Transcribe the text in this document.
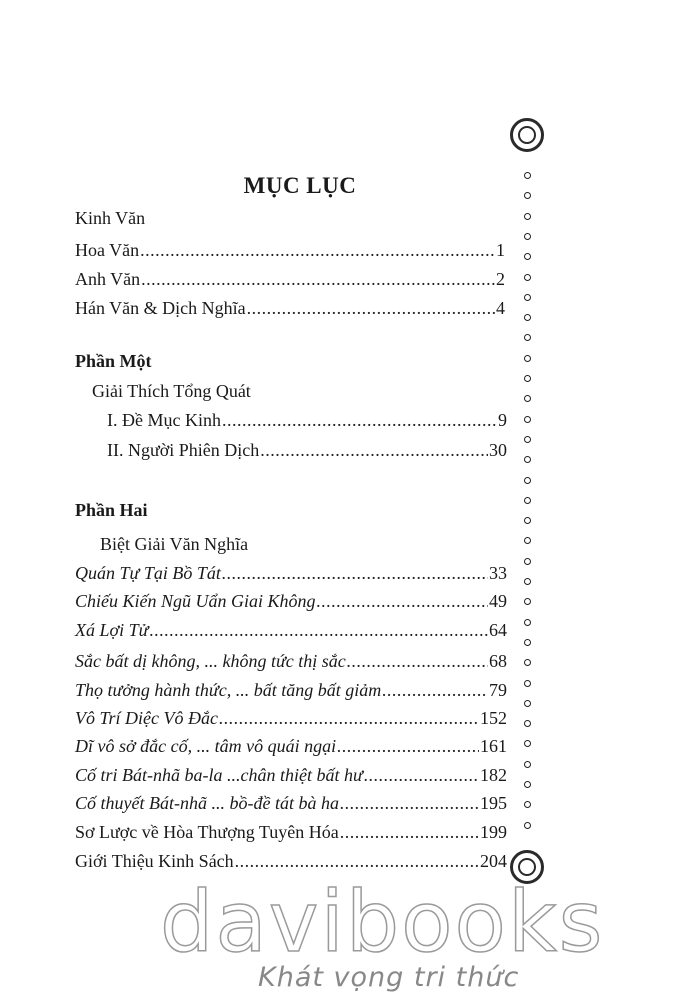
MỤC LỤC
Kinh Văn
Hoa Văn .....	1
Anh Văn .....	2
Hán Văn & Dịch Nghĩa .....	4
Phần Một
Giải Thích Tổng Quát
I. Đề Mục Kinh .....	9
II. Người Phiên Dịch .....	30
Phần Hai
Biệt Giải Văn Nghĩa
Quán Tự Tại Bồ Tát .....	33
Chiếu Kiến Ngũ Uẩn Giai Không .....	49
Xá Lợi Tử .....	64
Sắc bất dị không, ... không tức thị sắc .....	68
Thọ tưởng hành thức, ... bất tăng bất giảm .....	79
Vô Trí Diệc Vô Đắc .....	152
Dĩ vô sở đắc cố, ... tâm vô quái ngại .....	161
Cố tri Bát-nhã ba-la ...chân thiệt bất hư .....	182
Cố thuyết Bát-nhã ... bồ-đề tát bà ha .....	195
Sơ Lược về Hòa Thượng Tuyên Hóa .....	199
Giới Thiệu Kinh Sách .....	204
davibooks
Khát vọng tri thức
